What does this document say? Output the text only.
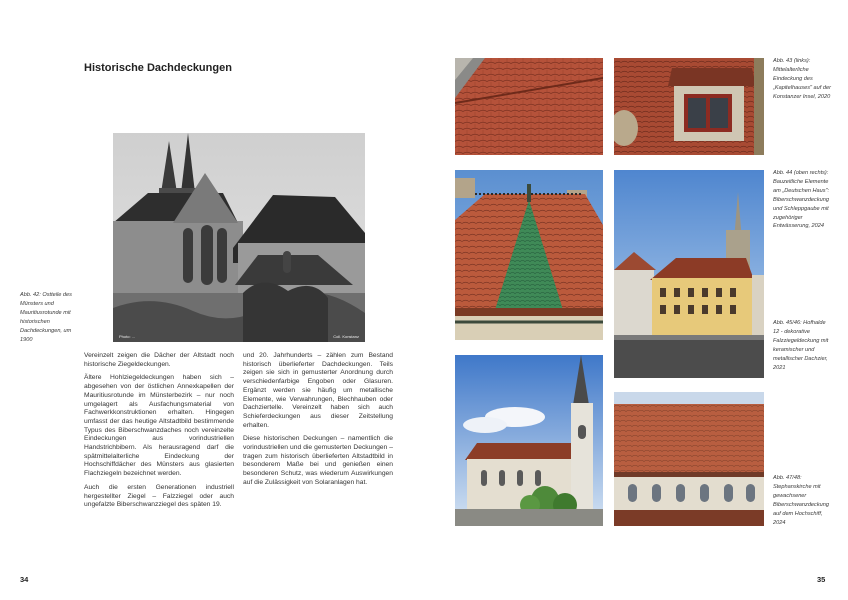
Historische Dachdeckungen
Photo: ...	Coll. Konstanz
Abb. 42: Ostteile des Münsters und Mauritiusrotunde mit historischen Dachdeckungen, um 1900

Vereinzelt zeigen die Dächer der Altstadt noch historische Ziegeldeckungen.

Ältere Hohlziegeldeckungen haben sich – abgesehen von der östlichen Annexkapellen der Mauritiusrotunde im Münsterbezirk – nur noch umgelagert als Ausfachungsmaterial von Fachwerkkonstruktionen erhalten. Hingegen umfasst der das heutige Altstadtbild bestimmende Typus des Biberschwanzdaches noch vereinzelte Eindeckungen aus vorindustriellen Handstrichbibern. Als herausragend darf die spätmittelalterliche Eindeckung der Hochschiffdächer des Münsters aus glasierten Flachziegeln bezeichnet werden.

Auch die ersten Generationen industriell hergestellter Ziegel – Falzziegel oder auch ungefalzte Biberschwanzziegel des späten 19.

und 20. Jahrhunderts – zählen zum Bestand historisch überlieferter Dachdeckungen. Teils zeigen sie sich in gemusterter Anordnung durch verschiedenfarbige Engoben oder Glasuren. Ergänzt werden sie häufig um metallische Elemente, wie Verwahrungen, Blechhauben oder Dachziertelle. Vereinzelt haben sich auch Schieferdeckungen aus dieser Zeitstellung erhalten.

Diese historischen Deckungen – namentlich die vorindustriellen und die gemusterten Deckungen – tragen zum historisch überlieferten Altstadtbild in besonderem Maße bei und genießen einen besonderen Schutz, was wiederum Auswirkungen auf die Zulässigkeit von Solaranlagen hat.

34
Abb. 43 (links): Mittelalterliche Eindeckung des „Kapitelhauses" auf der Konstanzer Insel, 2020
Abb. 44 (oben rechts): Bauzeitliche Elemente am „Deutschen Haus": Biberschwanzdeckung und Schleppgaube mit zugehöriger Entwässerung, 2024
Abb. 45/46: Hofhalde 12 - dekorative Falzziegeldeckung mit keramischer und metallischer Dachzier, 2021
Abb. 47/48: Stephanskirche mit gewachsener Biberschwanzdeckung auf dem Hochschiff, 2024
35
